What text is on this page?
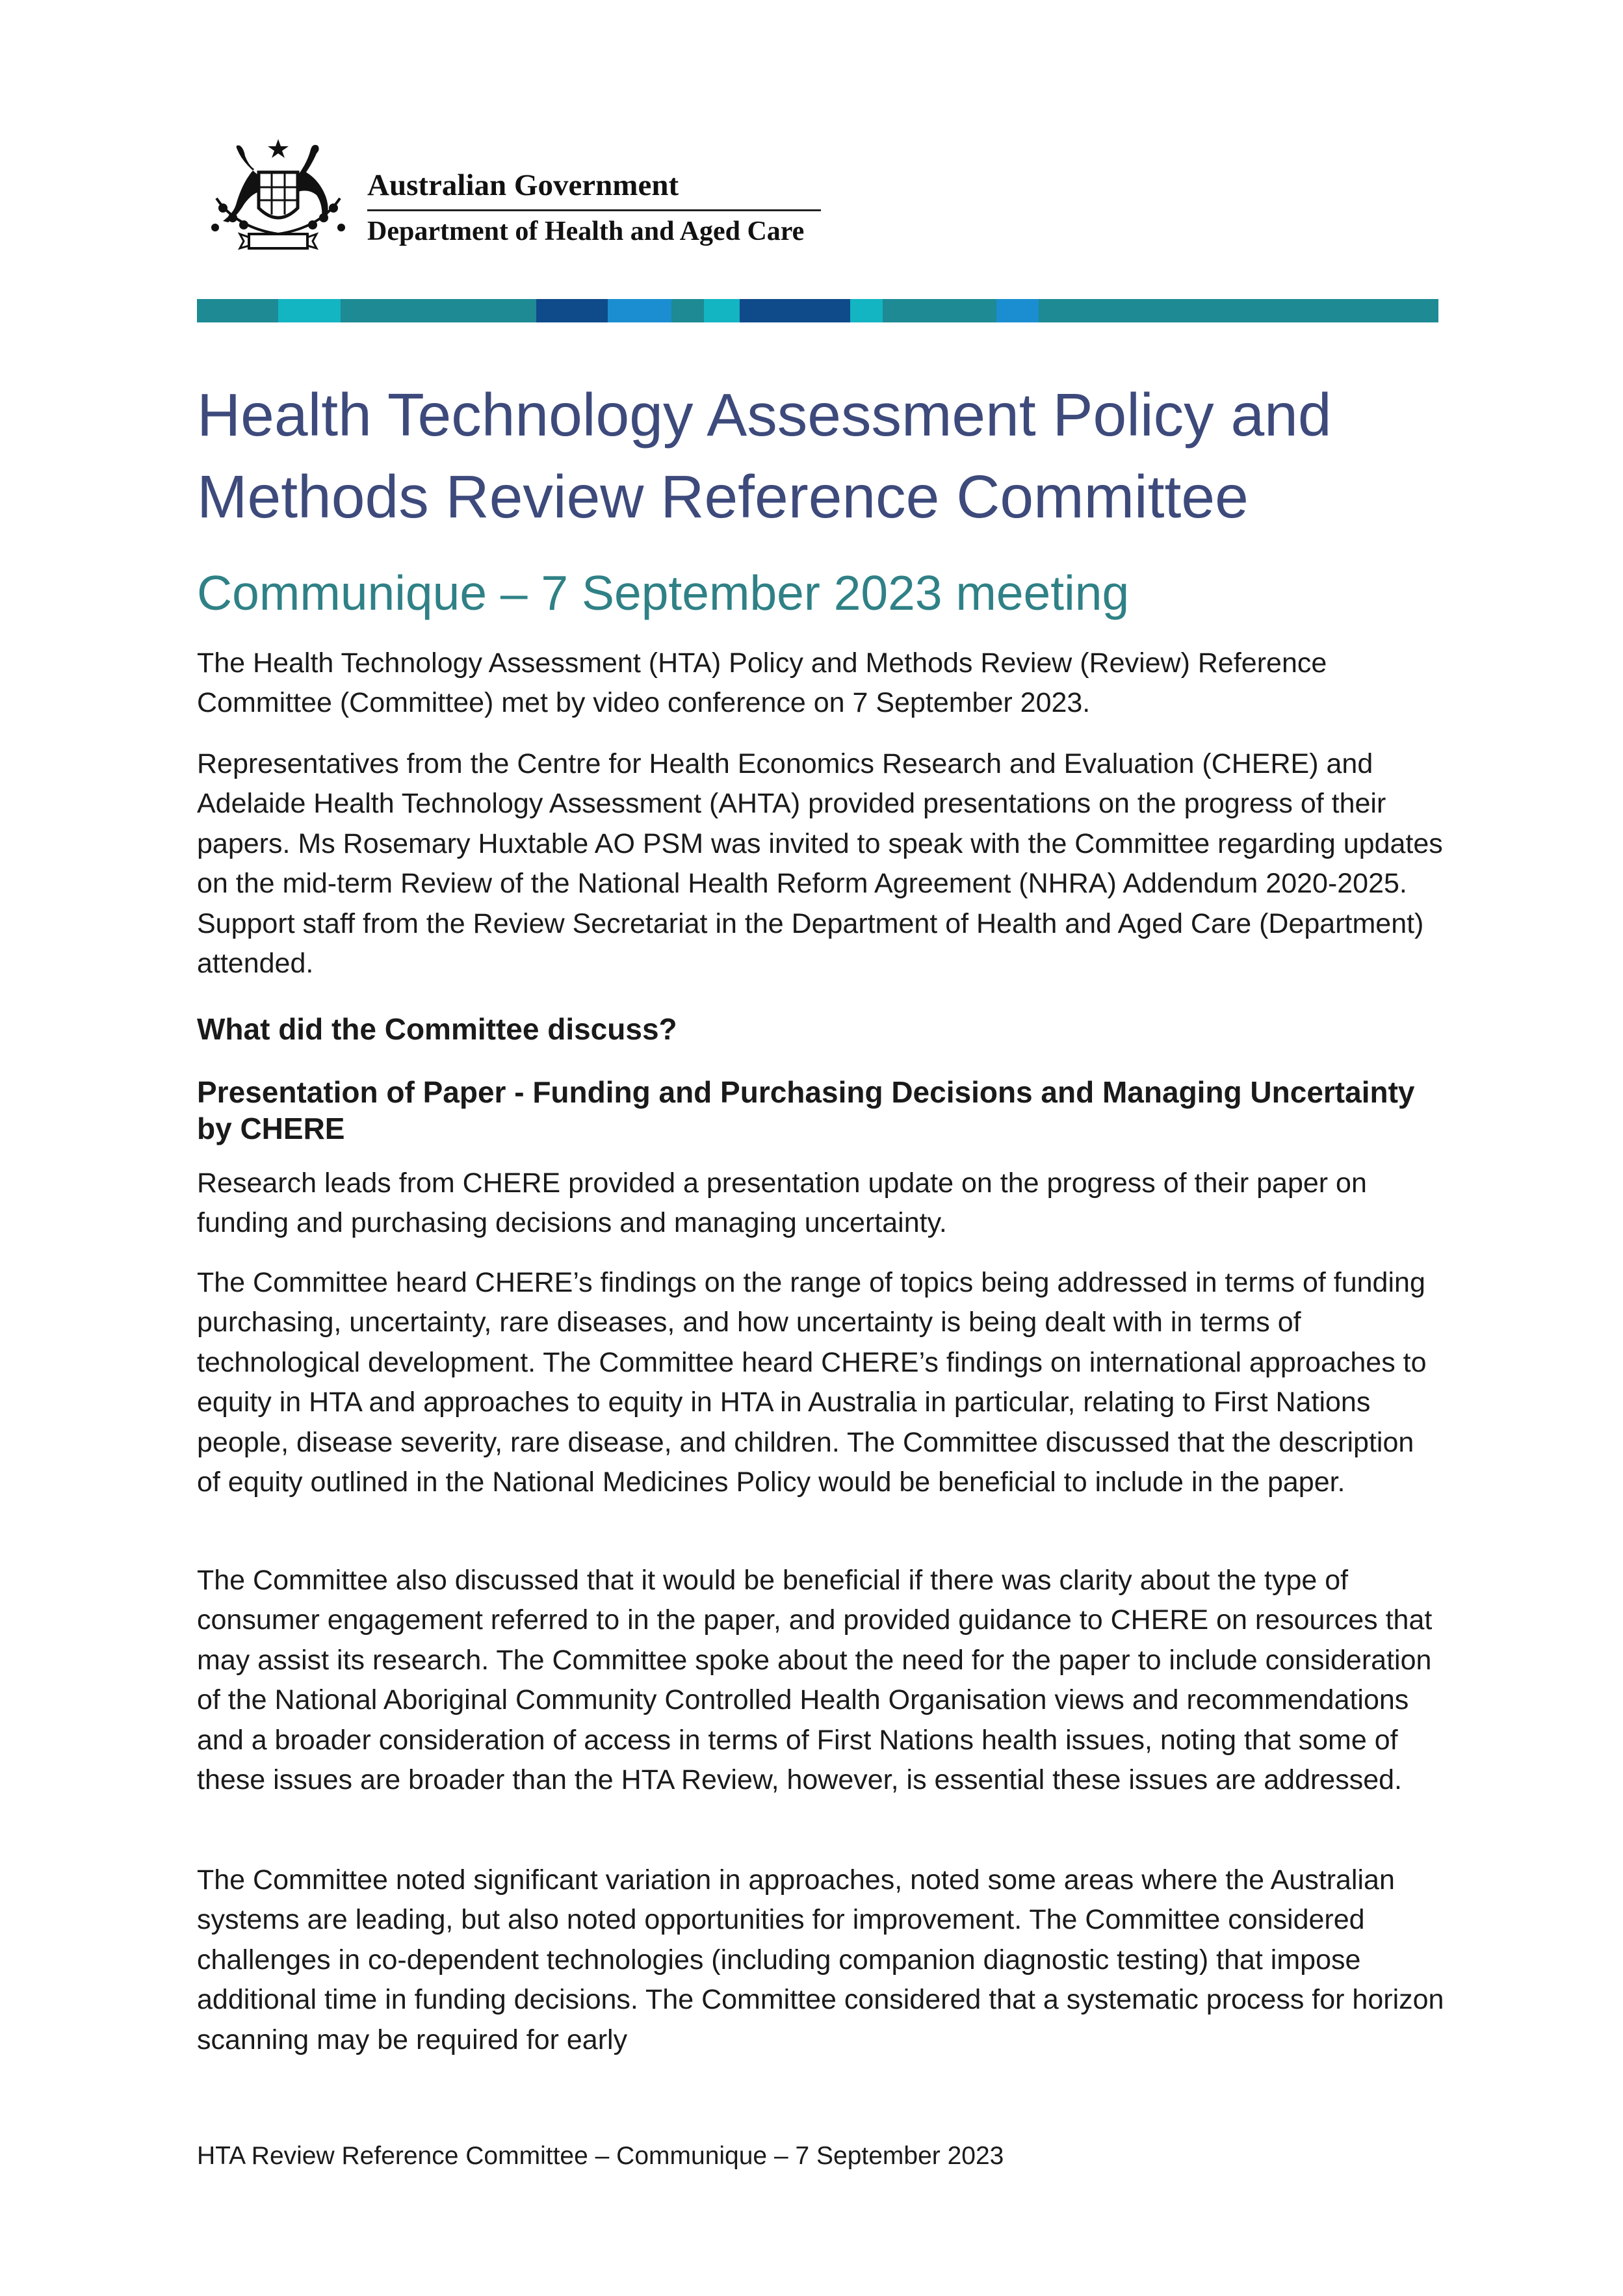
Australian Government
Department of Health and Aged Care
Health Technology Assessment Policy and Methods Review Reference Committee
Communique – 7 September 2023 meeting

The Health Technology Assessment (HTA) Policy and Methods Review (Review) Reference Committee (Committee) met by video conference on 7 September 2023.

Representatives from the Centre for Health Economics Research and Evaluation (CHERE) and Adelaide Health Technology Assessment (AHTA) provided presentations on the progress of their papers. Ms Rosemary Huxtable AO PSM was invited to speak with the Committee regarding updates on the mid-term Review of the National Health Reform Agreement (NHRA) Addendum 2020-2025. Support staff from the Review Secretariat in the Department of Health and Aged Care (Department) attended.

What did the Committee discuss?
Presentation of Paper - Funding and Purchasing Decisions and Managing Uncertainty by CHERE

Research leads from CHERE provided a presentation update on the progress of their paper on funding and purchasing decisions and managing uncertainty.

The Committee heard CHERE’s findings on the range of topics being addressed in terms of funding purchasing, uncertainty, rare diseases, and how uncertainty is being dealt with in terms of technological development. The Committee heard CHERE’s findings on international approaches to equity in HTA and approaches to equity in HTA in Australia in particular, relating to First Nations people, disease severity, rare disease, and children. The Committee discussed that the description of equity outlined in the National Medicines Policy would be beneficial to include in the paper.

The Committee also discussed that it would be beneficial if there was clarity about the type of consumer engagement referred to in the paper, and provided guidance to CHERE on resources that may assist its research. The Committee spoke about the need for the paper to include consideration of the National Aboriginal Community Controlled Health Organisation views and recommendations and a broader consideration of access in terms of First Nations health issues, noting that some of these issues are broader than the HTA Review, however, is essential these issues are addressed.

The Committee noted significant variation in approaches, noted some areas where the Australian systems are leading, but also noted opportunities for improvement. The Committee considered challenges in co-dependent technologies (including companion diagnostic testing) that impose additional time in funding decisions. The Committee considered that a systematic process for horizon scanning may be required for early

HTA Review Reference Committee – Communique – 7 September 2023
